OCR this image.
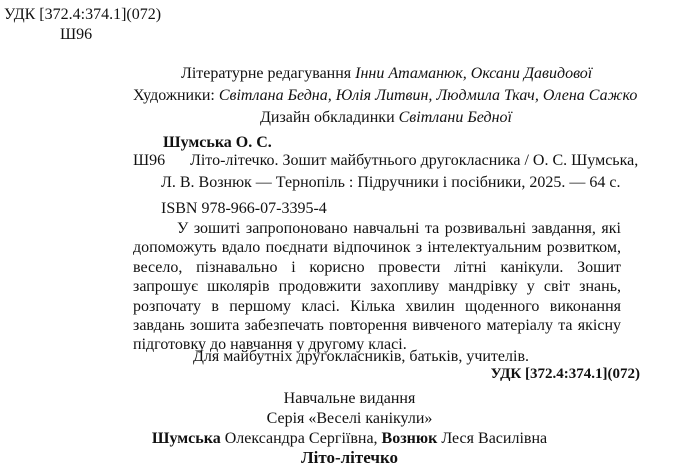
УДК [372.4:374.1](072)
Ш96
Літературне редагування Інни Атаманюк, Оксани Давидової
Художники: Світлана Бедна, Юлія Литвин, Людмила Ткач, Олена Сажко
Дизайн обкладинки Світлани Бедної
Шумська О. С.
Ш96 Літо-літечко. Зошит майбутнього другокласника / О. С. Шумська,
Л. В. Вознюк — Тернопіль : Підручники і посібники, 2025. — 64 с.
ISBN 978-966-07-3395-4
У зошиті запропоновано навчальні та розвивальні завдання, які допоможуть вдало поєднати відпочинок з інтелектуальним розвитком, весело, пізнавально і корисно провести літні канікули. Зошит запрошує школярів продовжити захопливу мандрівку у світ знань, розпочату в першому класі. Кілька хвилин щоденного виконання завдань зошита забезпечать повторення вивченого матеріалу та якісну підготовку до навчання у другому класі.
Для майбутніх другокласників, батьків, учителів.
УДК [372.4:374.1](072)
Навчальне видання
Серія «Веселі канікули»
Шумська Олександра Сергіївна, Вознюк Леся Василівна
Літо-літечко
